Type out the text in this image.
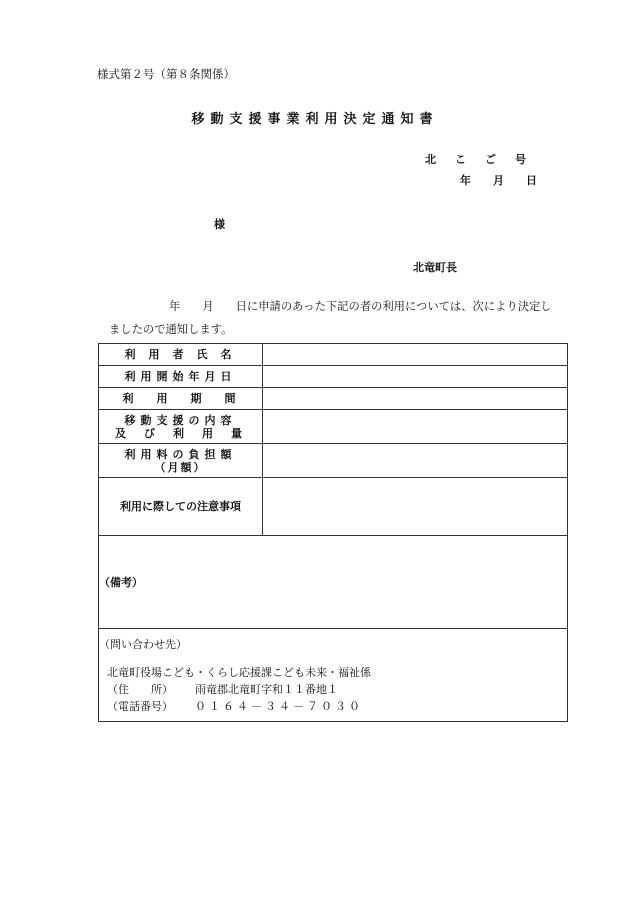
様式第２号（第８条関係）
移動支援事業利用決定通知書
北こご号
年月日
様
北竜町長
年 月 日に申請のあった下記の者の利用については、次により決定し
ましたので通知します。
利用者氏名	

利用開始年月日	

利用期間	

移動支援の内容
及び利用量	

利用料の負担額
（月額）	

利用に際しての注意事項	

（備考）	

（問い合わせ先）
北竜町役場こども・くらし応援課こども未来・福祉係
（住　　所） 雨竜郡北竜町字和１１番地１
（電話番号） ０１６４－３４－７０３０	
